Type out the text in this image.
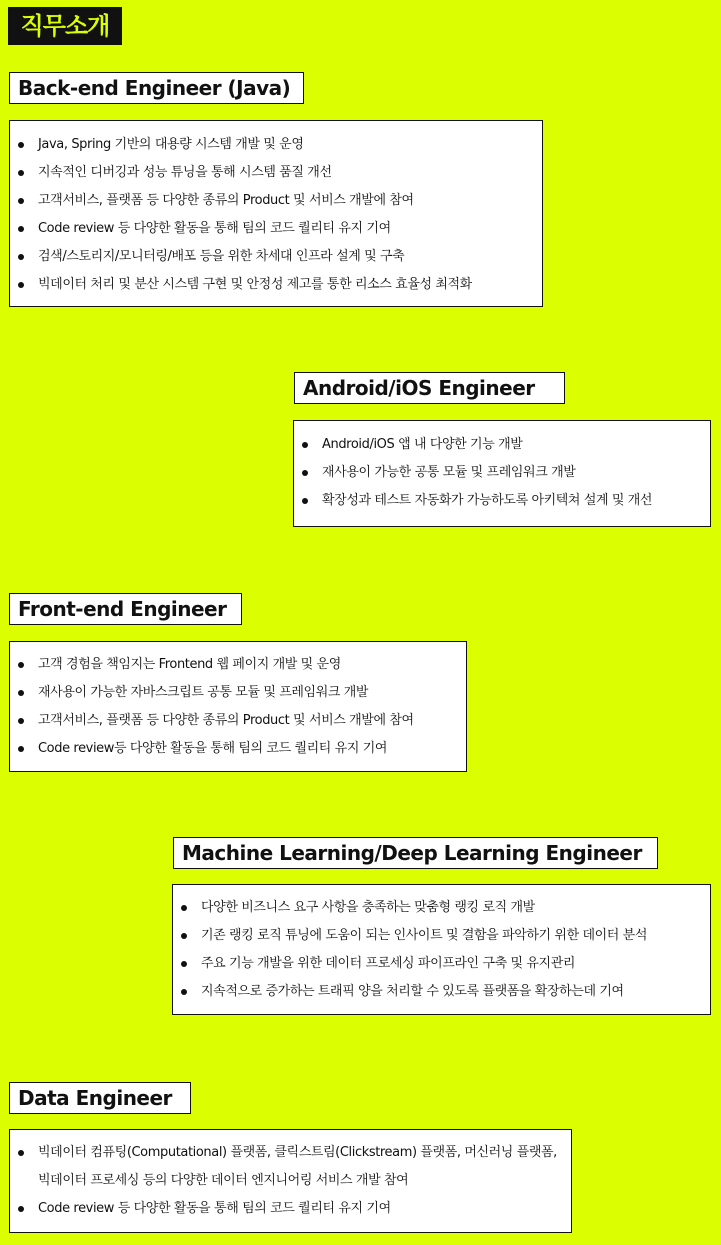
직무소개
Back-end Engineer (Java)
Java, Spring 기반의 대용량 시스템 개발 및 운영
지속적인 디버깅과 성능 튜닝을 통해 시스템 품질 개선
고객서비스, 플랫폼 등 다양한 종류의 Product 및 서비스 개발에 참여
Code review 등 다양한 활동을 통해 팀의 코드 퀄리티 유지 기여
검색/스토리지/모니터링/배포 등을 위한 차세대 인프라 설계 및 구축
빅데이터 처리 및 분산 시스템 구현 및 안정성 제고를 통한 리소스 효율성 최적화
Android/iOS Engineer
Android/iOS 앱 내 다양한 기능 개발
재사용이 가능한 공통 모듈 및 프레임워크 개발
확장성과 테스트 자동화가 가능하도록 아키텍쳐 설계 및 개선
Front-end Engineer
고객 경험을 책임지는 Frontend 웹 페이지 개발 및 운영
재사용이 가능한 자바스크립트 공통 모듈 및 프레임워크 개발
고객서비스, 플랫폼 등 다양한 종류의 Product 및 서비스 개발에 참여
Code review등 다양한 활동을 통해 팀의 코드 퀄리티 유지 기여
Machine Learning/Deep Learning Engineer
다양한 비즈니스 요구 사항을 충족하는 맞춤형 랭킹 로직 개발
기존 랭킹 로직 튜닝에 도움이 되는 인사이트 및 결함을 파악하기 위한 데이터 분석
주요 기능 개발을 위한 데이터 프로세싱 파이프라인 구축 및 유지관리
지속적으로 증가하는 트래픽 양을 처리할 수 있도록 플랫폼을 확장하는데 기여
Data Engineer
빅데이터 컴퓨팅(Computational) 플랫폼, 클릭스트림(Clickstream) 플랫폼, 머신러닝 플랫폼, 빅데이터 프로세싱 등의 다양한 데이터 엔지니어링 서비스 개발 참여
Code review 등 다양한 활동을 통해 팀의 코드 퀄리티 유지 기여
